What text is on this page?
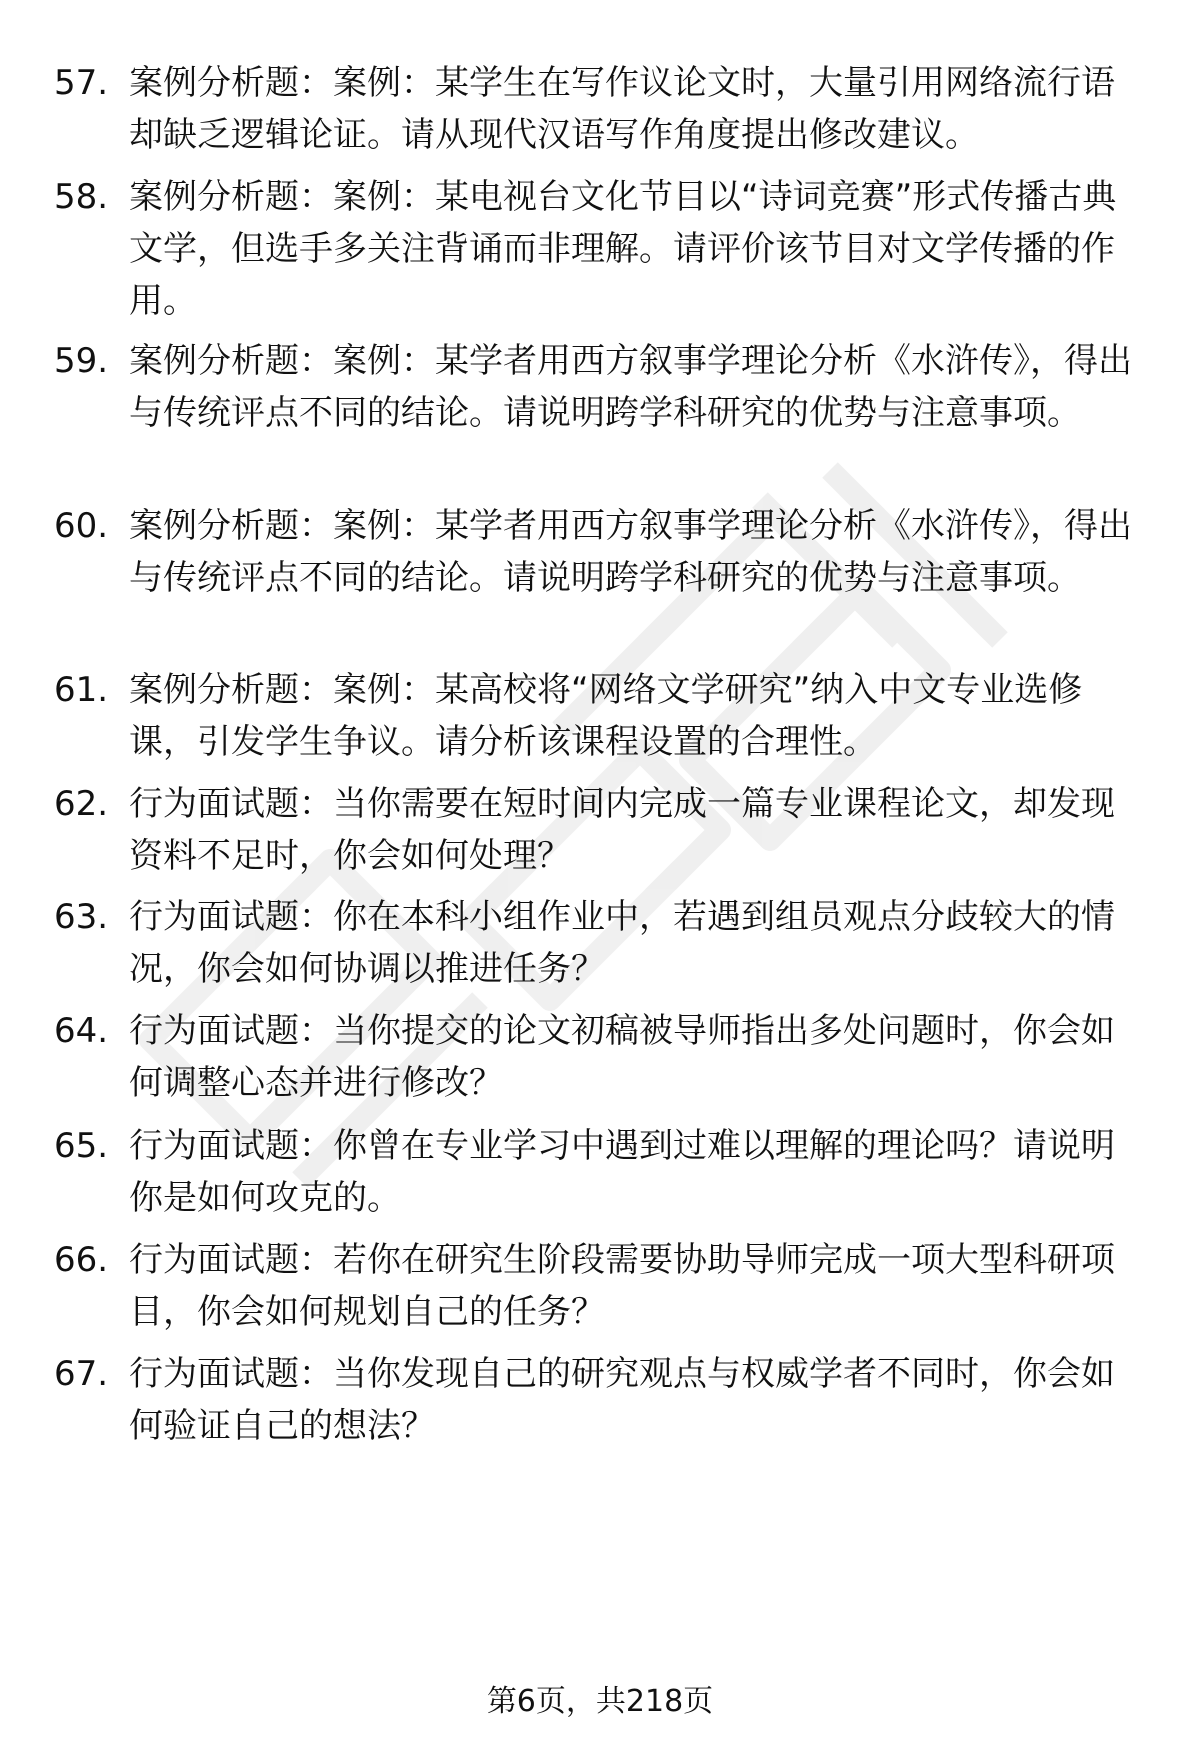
57. 案例分析题：案例：某学生在写作议论文时，大量引用网络流行语却缺乏逻辑论证。请从现代汉语写作角度提出修改建议。
58. 案例分析题：案例：某电视台文化节目以“诗词竞赛”形式传播古典文学，但选手多关注背诵而非理解。请评价该节目对文学传播的作用。
59. 案例分析题：案例：某学者用西方叙事学理论分析《水浒传》，得出与传统评点不同的结论。请说明跨学科研究的优势与注意事项。
60. 案例分析题：案例：某学者用西方叙事学理论分析《水浒传》，得出与传统评点不同的结论。请说明跨学科研究的优势与注意事项。
61. 案例分析题：案例：某高校将“网络文学研究”纳入中文专业选修课，引发学生争议。请分析该课程设置的合理性。
62. 行为面试题：当你需要在短时间内完成一篇专业课程论文，却发现资料不足时，你会如何处理？
63. 行为面试题：你在本科小组作业中，若遇到组员观点分歧较大的情况，你会如何协调以推进任务？
64. 行为面试题：当你提交的论文初稿被导师指出多处问题时，你会如何调整心态并进行修改？
65. 行为面试题：你曾在专业学习中遇到过难以理解的理论吗？请说明你是如何攻克的。
66. 行为面试题：若你在研究生阶段需要协助导师完成一项大型科研项目，你会如何规划自己的任务？
67. 行为面试题：当你发现自己的研究观点与权威学者不同时，你会如何验证自己的想法？
第6页，共218页
